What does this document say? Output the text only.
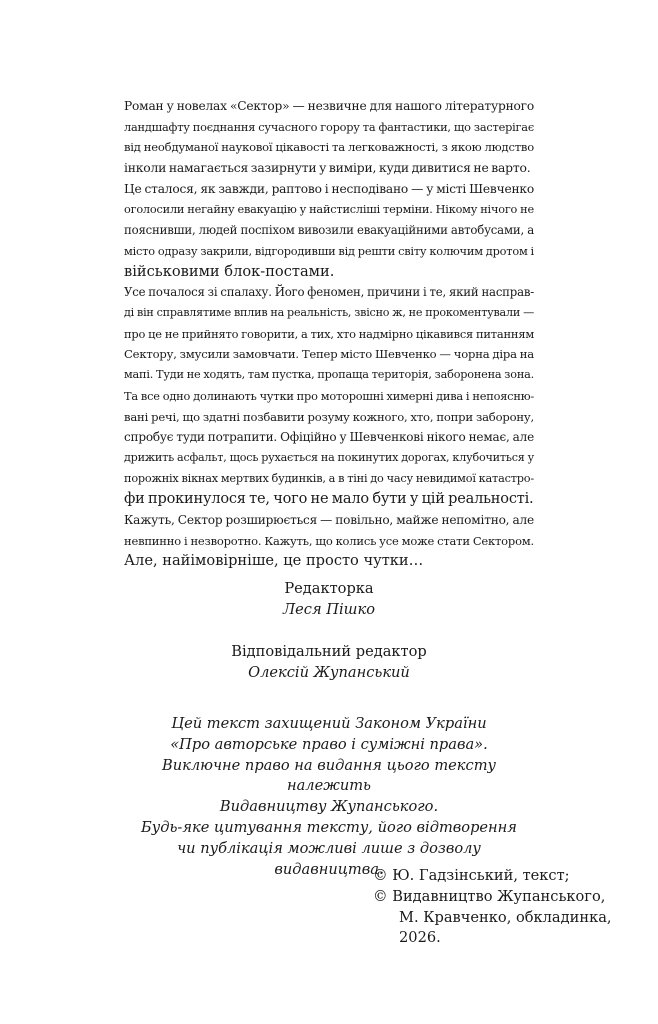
Роман у новелах «Сектор» — незвичне для нашого літературного
ландшафту поєднання сучасного горору та фантастики, що застерігає
від необдуманої наукової цікавості та легковажності, з якою людство
інколи намагається зазирнути у виміри, куди дивитися не варто.
Це сталося, як завжди, раптово і несподівано — у місті Шевченко
оголосили негайну евакуацію у найстисліші терміни. Нікому нічого не
пояснивши, людей поспіхом вивозили евакуаційними автобусами, а
місто одразу закрили, відгородивши від решти світу колючим дротом і
військовими блок-постами.
Усе почалося зі спалаху. Його феномен, причини і те, який насправ-
ді він справлятиме вплив на реальність, звісно ж, не прокоментували —
про це не прийнято говорити, а тих, хто надмірно цікавився питанням
Сектору, змусили замовчати. Тепер місто Шевченко — чорна діра на
мапі. Туди не ходять, там пустка, пропаща територія, заборонена зона.
Та все одно долинають чутки про моторошні химерні дива і непоясню-
вані речі, що здатні позбавити розуму кожного, хто, попри заборону,
спробує туди потрапити. Офіційно у Шевченкові нікого немає, але
дрижить асфальт, щось рухається на покинутих дорогах, клубочиться у
порожніх вікнах мертвих будинків, а в тіні до часу невидимої катастро-
фи прокинулося те, чого не мало бути у цій реальності.
Кажуть, Сектор розширюється — повільно, майже непомітно, але
невпинно і незворотно. Кажуть, що колись усе може стати Сектором.
Але, найімовірніше, це просто чутки…
Редакторка
Леся Пішко
Відповідальний редактор
Олексій Жупанський
Цей текст захищений Законом України
«Про авторське право і суміжні права».
Виключне право на видання цього тексту належить
Видавництву Жупанського.
Будь-яке цитування тексту, його відтворення
чи публікація можливі лише з дозволу видавництва.
© Ю. Гадзінський, текст;
© Видавництво Жупанського,
М. Кравченко, обкладинка,
2026.
